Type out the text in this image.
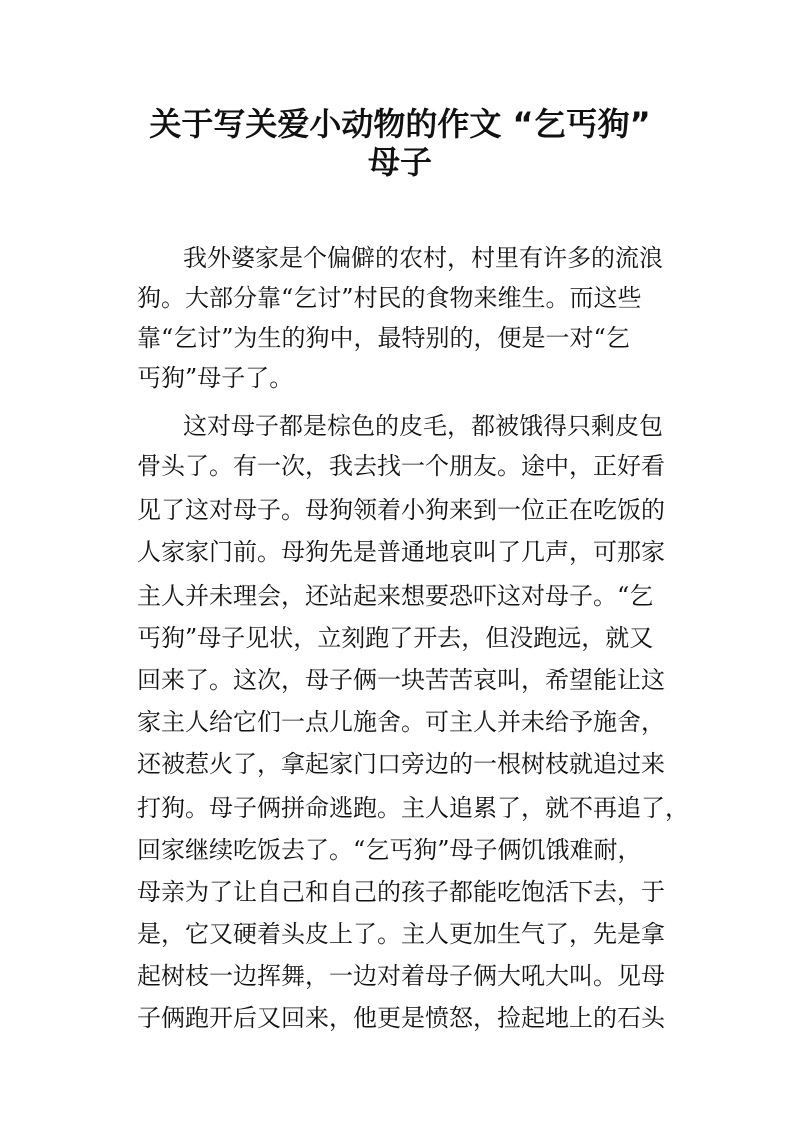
关于写关爱小动物的作文 “乞丐狗”
母子
我外婆家是个偏僻的农村，村里有许多的流浪
狗。大部分靠“乞讨”村民的食物来维生。而这些
靠“乞讨”为生的狗中，最特别的，便是一对“乞
丐狗”母子了。
这对母子都是棕色的皮毛，都被饿得只剩皮包
骨头了。有一次，我去找一个朋友。途中，正好看
见了这对母子。母狗领着小狗来到一位正在吃饭的
人家家门前。母狗先是普通地哀叫了几声，可那家
主人并未理会，还站起来想要恐吓这对母子。“乞
丐狗”母子见状，立刻跑了开去，但没跑远，就又
回来了。这次，母子俩一块苦苦哀叫，希望能让这
家主人给它们一点儿施舍。可主人并未给予施舍，
还被惹火了，拿起家门口旁边的一根树枝就追过来
打狗。母子俩拼命逃跑。主人追累了，就不再追了，
回家继续吃饭去了。“乞丐狗”母子俩饥饿难耐，
母亲为了让自己和自己的孩子都能吃饱活下去，于
是，它又硬着头皮上了。主人更加生气了，先是拿
起树枝一边挥舞，一边对着母子俩大吼大叫。见母
子俩跑开后又回来，他更是愤怒，捡起地上的石头
